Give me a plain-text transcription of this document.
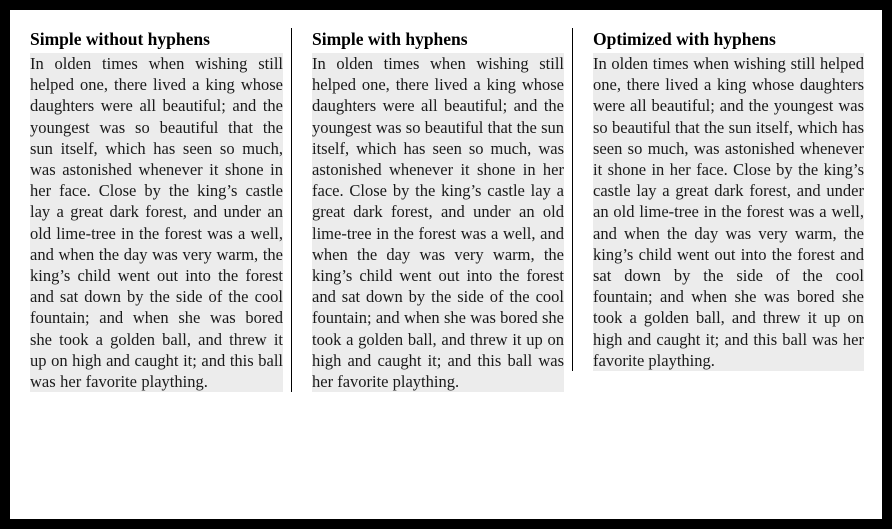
Simple without hyphens

In olden times when wishing still helped one, there lived a king whose daughters were all beautiful; and the youngest was so beautiful that the sun itself, which has seen so much, was astonished whenever it shone in her face. Close by the king’s castle lay a great dark forest, and under an old lime-tree in the forest was a well, and when the day was very warm, the king’s child went out into the forest and sat down by the side of the cool fountain; and when she was bored she took a golden ball, and threw it up on high and caught it; and this ball was her favorite plaything.

Simple with hyphens

In olden times when wishing still helped one, there lived a king whose daughters were all beautiful; and the youngest was so beautiful that the sun itself, which has seen so much, was astonished whenever it shone in her face. Close by the king’s castle lay a great dark forest, and under an old lime-tree in the forest was a well, and when the day was very warm, the king’s child went out into the forest and sat down by the side of the cool fountain; and when she was bored she took a golden ball, and threw it up on high and caught it; and this ball was her favorite plaything.

Optimized with hyphens

In olden times when wishing still helped one, there lived a king whose daughters were all beautiful; and the youngest was so beautiful that the sun itself, which has seen so much, was astonished whenever it shone in her face. Close by the king’s castle lay a great dark forest, and under an old lime-tree in the forest was a well, and when the day was very warm, the king’s child went out into the forest and sat down by the side of the cool fountain; and when she was bored she took a golden ball, and threw it up on high and caught it; and this ball was her favorite plaything.
